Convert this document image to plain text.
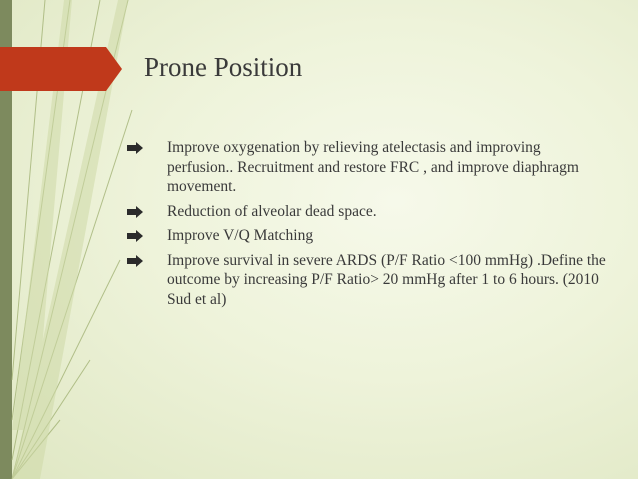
Prone Position
Improve oxygenation by relieving atelectasis and improving perfusion.. Recruitment and restore FRC , and improve diaphragm movement.
Reduction of alveolar dead space.
Improve V/Q Matching
Improve survival in severe ARDS (P/F Ratio <100 mmHg) .Define the outcome by increasing P/F Ratio> 20 mmHg after 1 to 6 hours. (2010 Sud et al)
